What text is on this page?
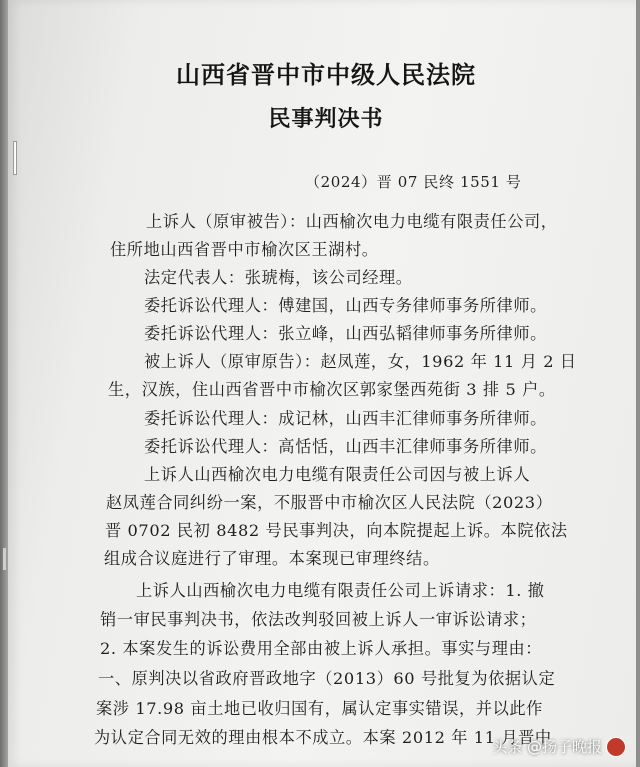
山西省晋中市中级人民法院
民事判决书
（2024）晋 07 民终 1551 号
上诉人（原审被告）：山西榆次电力电缆有限责任公司，
住所地山西省晋中市榆次区王湖村。
法定代表人：张琥梅，该公司经理。
委托诉讼代理人：傅建国，山西专务律师事务所律师。
委托诉讼代理人：张立峰，山西弘韬律师事务所律师。
被上诉人（原审原告）：赵凤莲，女，1962 年 11 月 2 日
生，汉族，住山西省晋中市榆次区郭家堡西苑街 3 排 5 户。
委托诉讼代理人：成记林，山西丰汇律师事务所律师。
委托诉讼代理人：高恬恬，山西丰汇律师事务所律师。
上诉人山西榆次电力电缆有限责任公司因与被上诉人
赵凤莲合同纠纷一案，不服晋中市榆次区人民法院（2023）
晋 0702 民初 8482 号民事判决，向本院提起上诉。本院依法
组成合议庭进行了审理。本案现已审理终结。
上诉人山西榆次电力电缆有限责任公司上诉请求：1. 撤
销一审民事判决书，依法改判驳回被上诉人一审诉讼请求；
2. 本案发生的诉讼费用全部由被上诉人承担。事实与理由：
一、原判决以省政府晋政地字（2013）60 号批复为依据认定
案涉 17.98 亩土地已收归国有，属认定事实错误，并以此作
为认定合同无效的理由根本不成立。本案 2012 年 11 月晋中
头条 @扬子晚报
